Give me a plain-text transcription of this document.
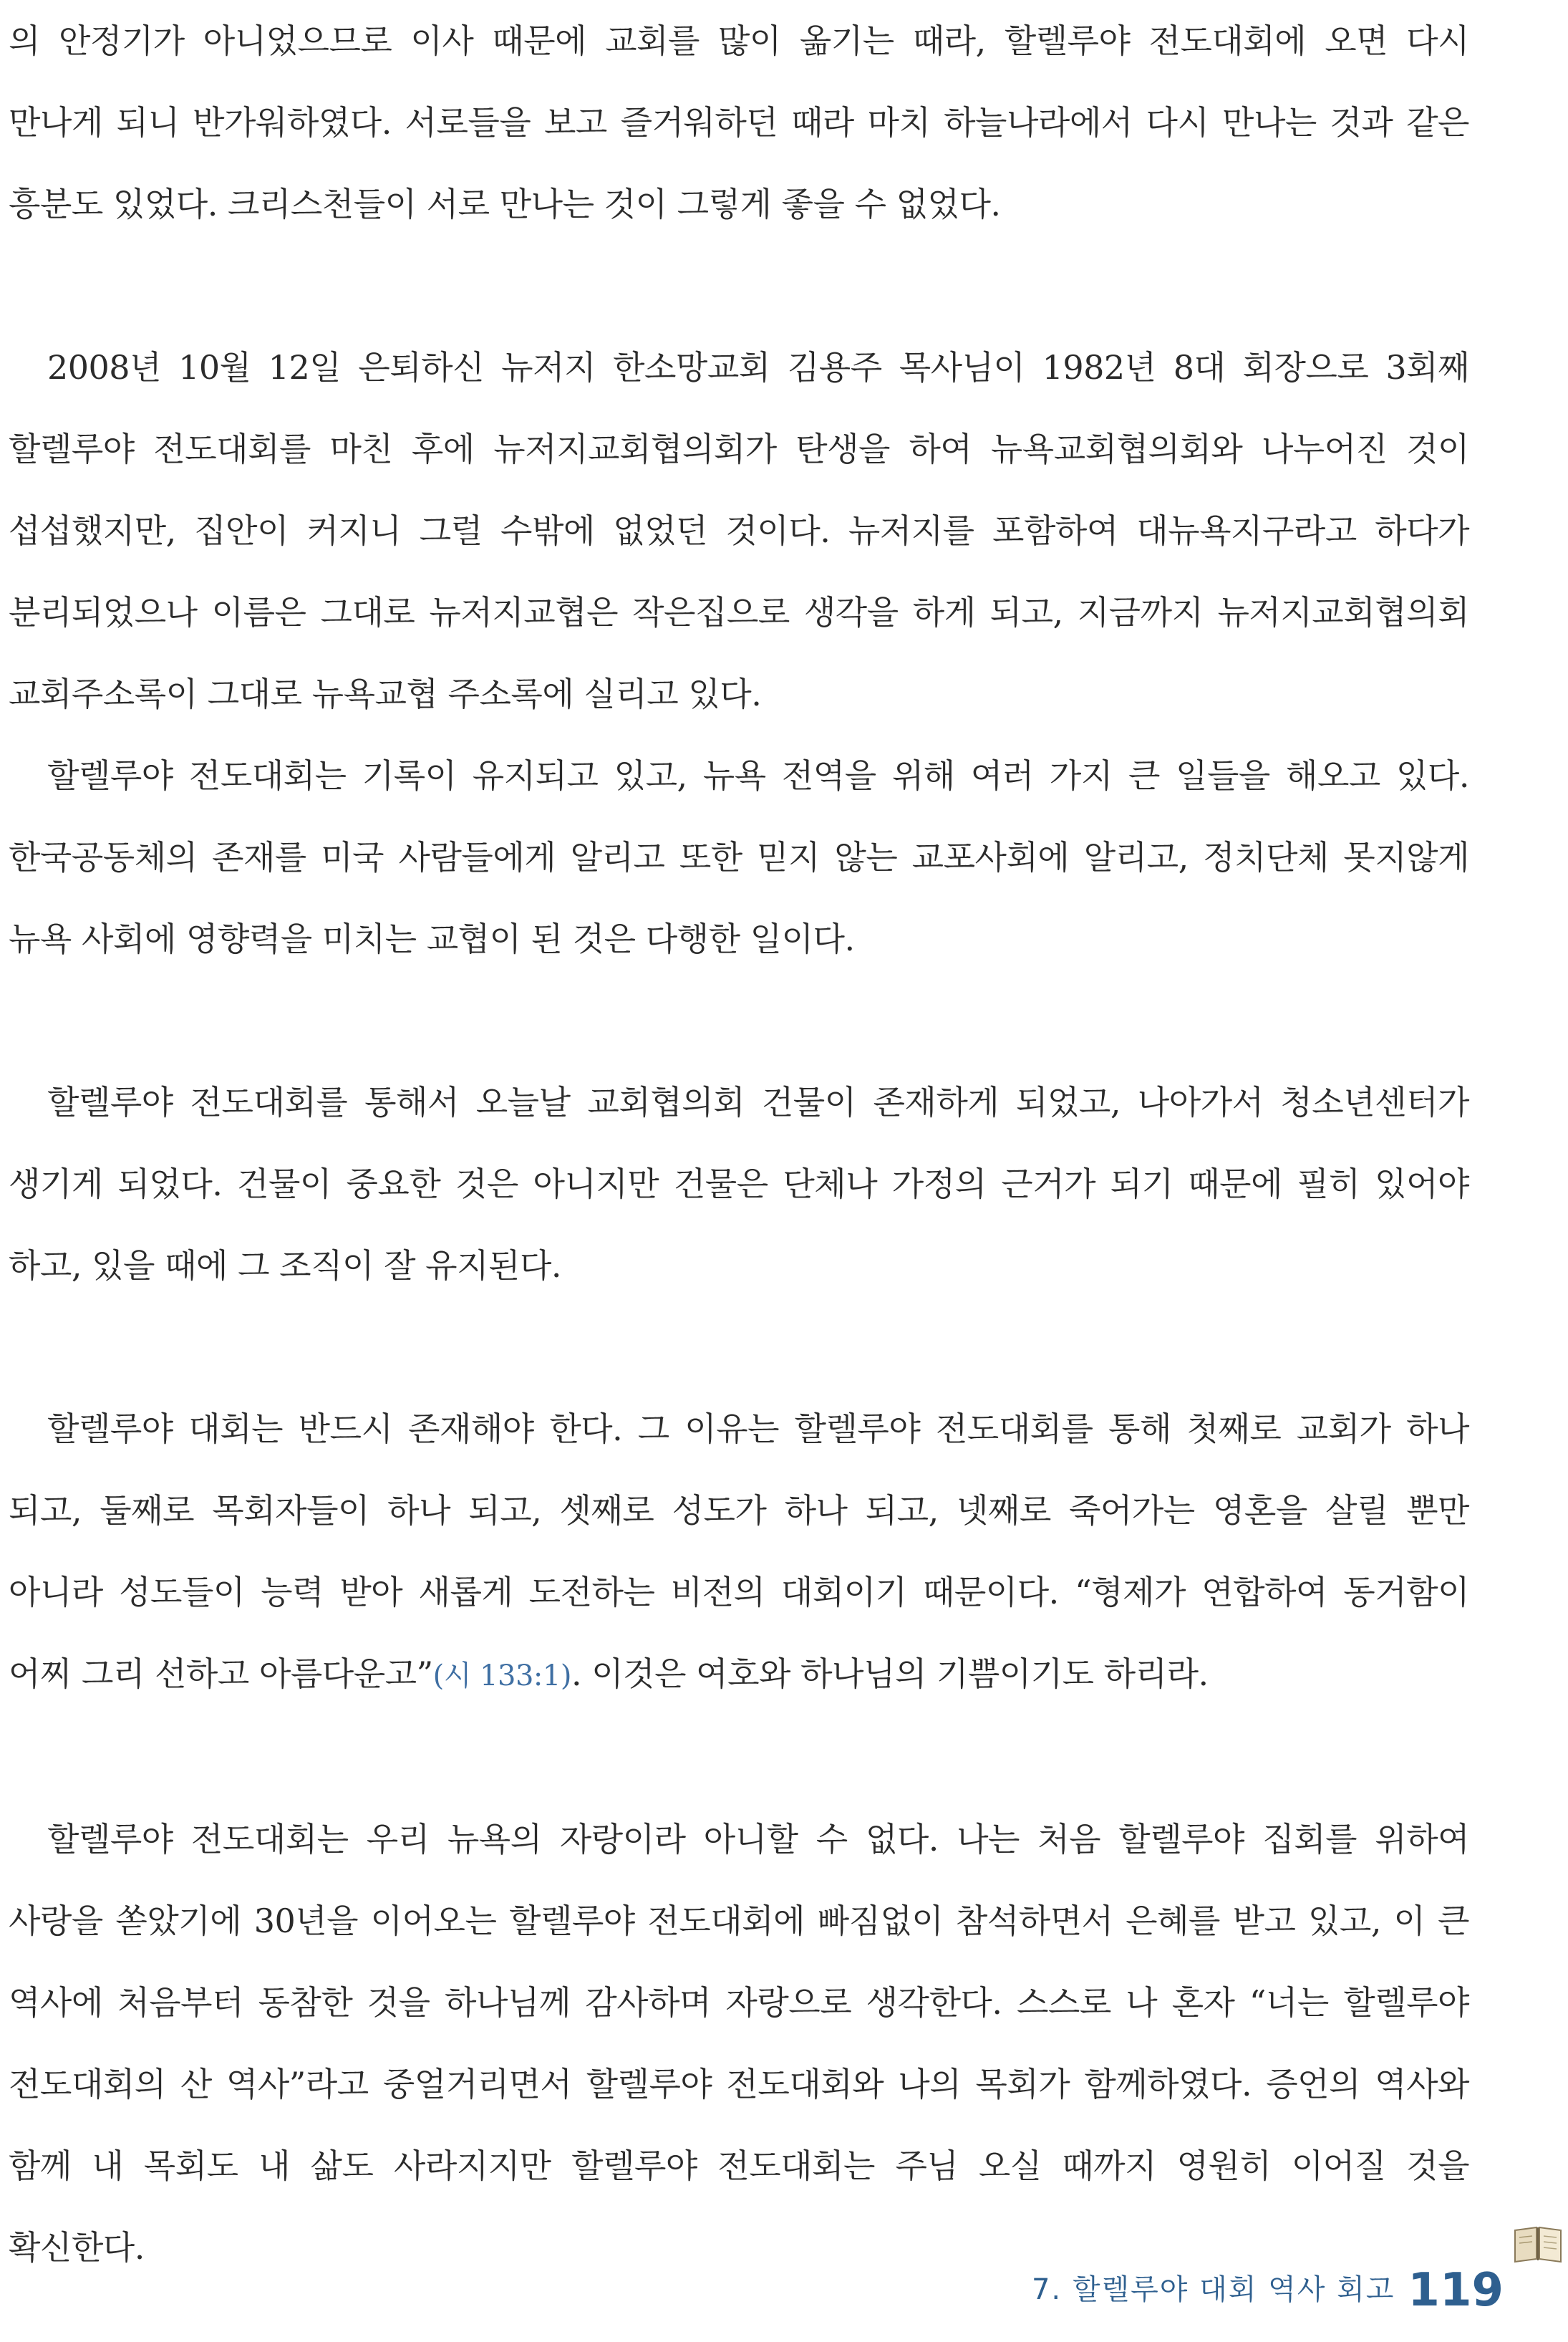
의 안정기가 아니었으므로 이사 때문에 교회를 많이 옮기는 때라, 할렐루야 전도대회에 오면 다시 만나게 되니 반가워하였다. 서로들을 보고 즐거워하던 때라 마치 하늘나라에서 다시 만나는 것과 같은 흥분도 있었다. 크리스천들이 서로 만나는 것이 그렇게 좋을 수 없었다.

2008년 10월 12일 은퇴하신 뉴저지 한소망교회 김용주 목사님이 1982년 8대 회장으로 3회째 할렐루야 전도대회를 마친 후에 뉴저지교회협의회가 탄생을 하여 뉴욕교회협의회와 나누어진 것이 섭섭했지만, 집안이 커지니 그럴 수밖에 없었던 것이다. 뉴저지를 포함하여 대뉴욕지구라고 하다가 분리되었으나 이름은 그대로 뉴저지교협은 작은집으로 생각을 하게 되고, 지금까지 뉴저지교회협의회 교회주소록이 그대로 뉴욕교협 주소록에 실리고 있다.

할렐루야 전도대회는 기록이 유지되고 있고, 뉴욕 전역을 위해 여러 가지 큰 일들을 해오고 있다. 한국공동체의 존재를 미국 사람들에게 알리고 또한 믿지 않는 교포사회에 알리고, 정치단체 못지않게 뉴욕 사회에 영향력을 미치는 교협이 된 것은 다행한 일이다.

할렐루야 전도대회를 통해서 오늘날 교회협의회 건물이 존재하게 되었고, 나아가서 청소년센터가 생기게 되었다. 건물이 중요한 것은 아니지만 건물은 단체나 가정의 근거가 되기 때문에 필히 있어야 하고, 있을 때에 그 조직이 잘 유지된다.

할렐루야 대회는 반드시 존재해야 한다. 그 이유는 할렐루야 전도대회를 통해 첫째로 교회가 하나 되고, 둘째로 목회자들이 하나 되고, 셋째로 성도가 하나 되고, 넷째로 죽어가는 영혼을 살릴 뿐만 아니라 성도들이 능력 받아 새롭게 도전하는 비전의 대회이기 때문이다. “형제가 연합하여 동거함이 어찌 그리 선하고 아름다운고”(시 133:1). 이것은 여호와 하나님의 기쁨이기도 하리라.

할렐루야 전도대회는 우리 뉴욕의 자랑이라 아니할 수 없다. 나는 처음 할렐루야 집회를 위하여 사랑을 쏟았기에 30년을 이어오는 할렐루야 전도대회에 빠짐없이 참석하면서 은혜를 받고 있고, 이 큰 역사에 처음부터 동참한 것을 하나님께 감사하며 자랑으로 생각한다. 스스로 나 혼자 “너는 할렐루야 전도대회의 산 역사”라고 중얼거리면서 할렐루야 전도대회와 나의 목회가 함께하였다. 증언의 역사와 함께 내 목회도 내 삶도 사라지지만 할렐루야 전도대회는 주님 오실 때까지 영원히 이어질 것을 확신한다.

7. 할렐루야 대회 역사 회고 119
